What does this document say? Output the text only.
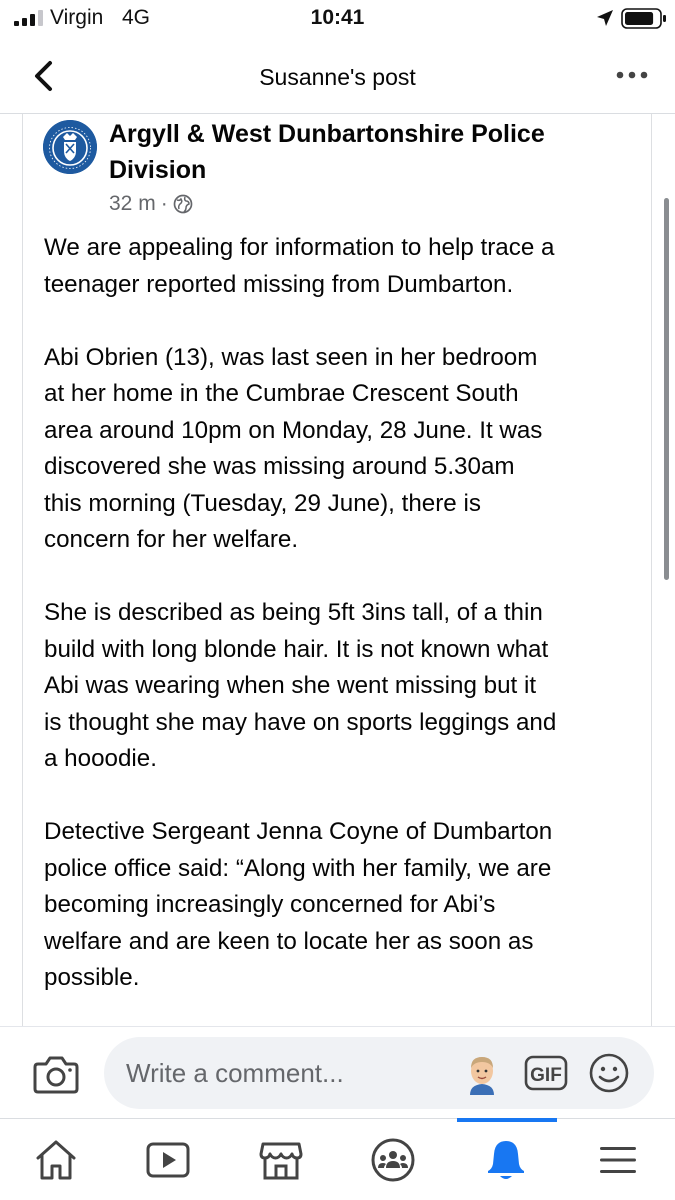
Virgin 4G	10:41
Susanne's post
Argyll & West Dunbartonshire Police Division
32 m ·

We are appealing for information to help trace a
teenager reported missing from Dumbarton.

Abi Obrien (13), was last seen in her bedroom
at her home in the Cumbrae Crescent South
area around 10pm on Monday, 28 June. It was
discovered she was missing around 5.30am
this morning (Tuesday, 29 June), there is
concern for her welfare.

She is described as being 5ft 3ins tall, of a thin
build with long blonde hair. It is not known what
Abi was wearing when she went missing but it
is thought she may have on sports leggings and
a hooodie.

Detective Sergeant Jenna Coyne of Dumbarton
police office said: “Along with her family, we are
becoming increasingly concerned for Abi’s
welfare and are keen to locate her as soon as
possible.

Write a comment...
GIF
